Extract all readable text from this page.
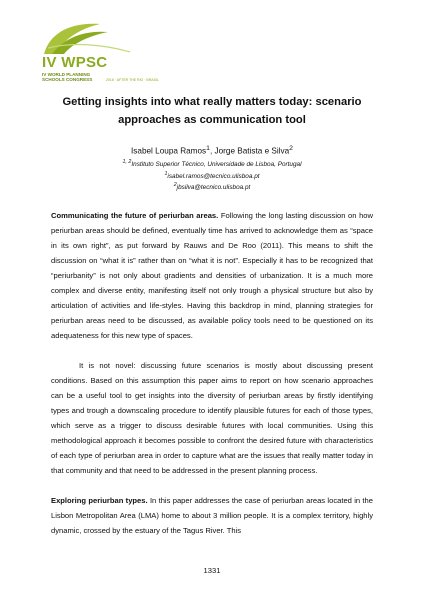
IV WPSC
IV WORLD PLANNING SCHOOLS CONGRESS	2016 · AFTER THE RIO · BRASIL
Getting insights into what really matters today: scenario approaches as communication tool
Isabel Loupa Ramos$^1$, Jorge Batista e Silva$^2$
$^{1, 2}$Instituto Superior Técnico, Universidade de Lisboa, Portugal
$^1$isabel.ramos@tecnico.ulisboa.pt
$^2$jbsilva@tecnico.ulisboa.pt
Communicating the future of periurban areas. Following the long lasting discussion on how periurban areas should be defined, eventually time has arrived to acknowledge them as “space in its own right”, as put forward by Rauws and De Roo (2011). This means to shift the discussion on “what it is” rather than on “what it is not”. Especially it has to be recognized that “periurbanity” is not only about gradients and densities of urbanization. It is a much more complex and diverse entity, manifesting itself not only trough a physical structure but also by articulation of activities and life-styles. Having this backdrop in mind, planning strategies for periurban areas need to be discussed, as available policy tools need to be questioned on its adequateness for this new type of spaces.
It is not novel: discussing future scenarios is mostly about discussing present conditions. Based on this assumption this paper aims to report on how scenario approaches can be a useful tool to get insights into the diversity of periurban areas by firstly identifying types and trough a downscaling procedure to identify plausible futures for each of those types, which serve as a trigger to discuss desirable futures with local communities. Using this methodological approach it becomes possible to confront the desired future with characteristics of each type of periurban area in order to capture what are the issues that really matter today in that community and that need to be addressed in the present planning process.
Exploring periurban types. In this paper addresses the case of periurban areas located in the Lisbon Metropolitan Area (LMA) home to about 3 million people. It is a complex territory, highly dynamic, crossed by the estuary of the Tagus River. This
1331
